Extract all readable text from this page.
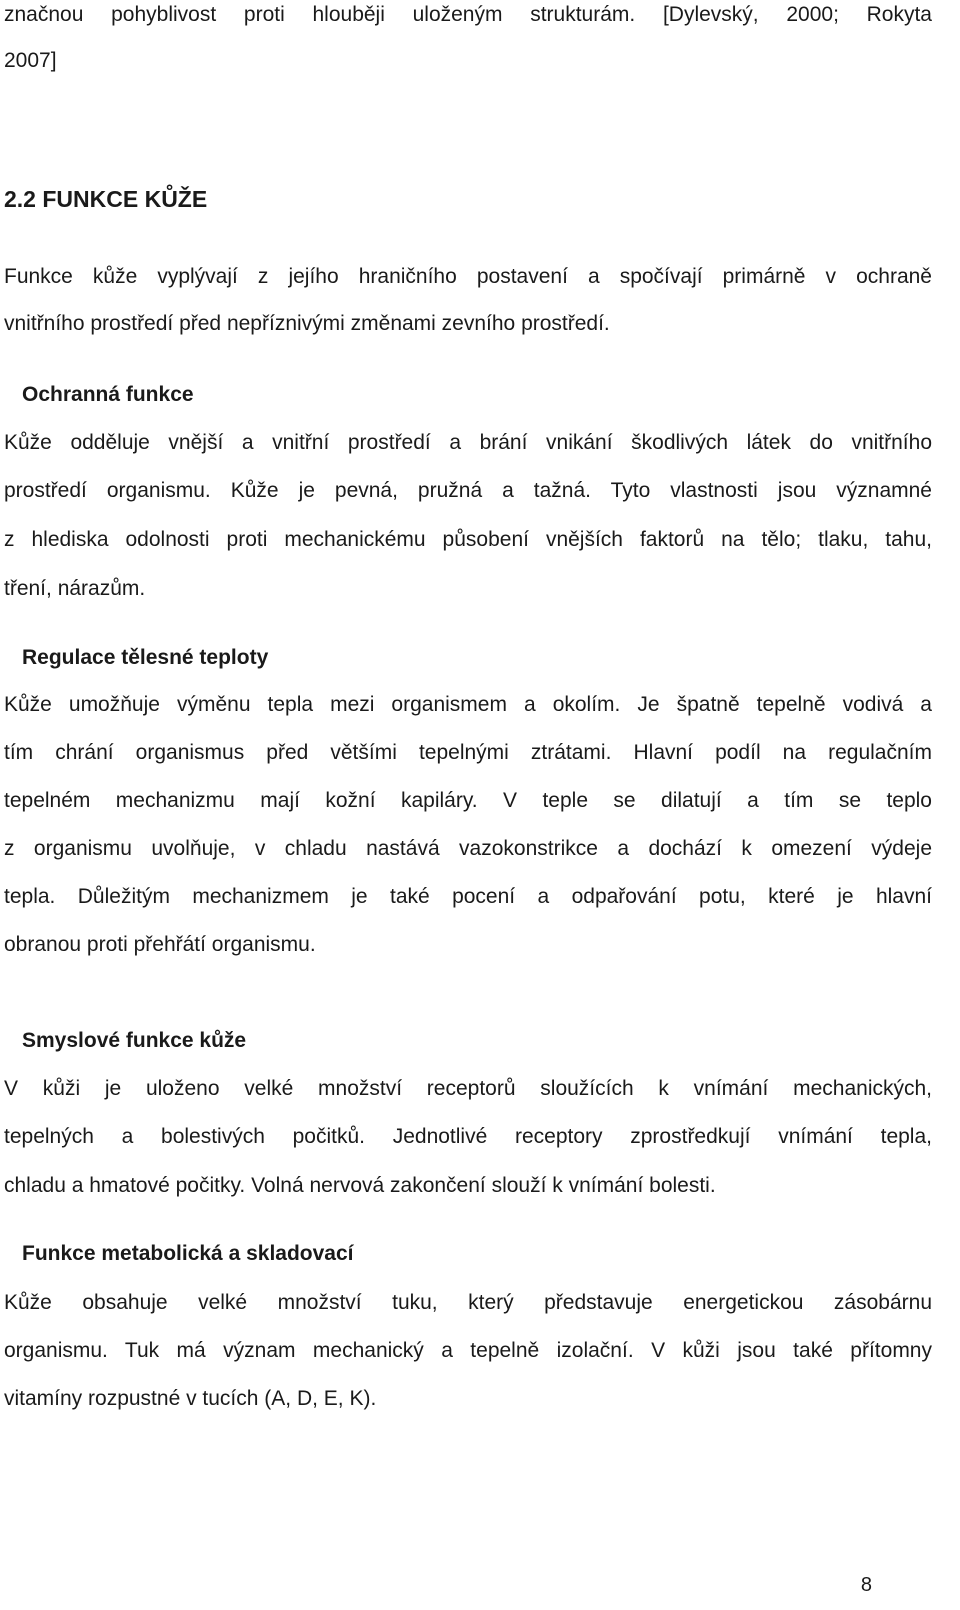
značnou pohyblivost proti hlouběji uloženým strukturám. [Dylevský, 2000; Rokyta

2007]

2.2 FUNKCE KŮŽE

Funkce kůže vyplývají z jejího hraničního postavení a spočívají primárně v ochraně

vnitřního prostředí před nepříznivými změnami zevního prostředí.

Ochranná funkce

Kůže odděluje vnější a vnitřní prostředí a brání vnikání škodlivých látek do vnitřního

prostředí organismu. Kůže je pevná, pružná a tažná. Tyto vlastnosti jsou významné

z hlediska odolnosti proti mechanickému působení vnějších faktorů na tělo; tlaku, tahu,

tření, nárazům.

Regulace tělesné teploty

Kůže umožňuje výměnu tepla mezi organismem a okolím. Je špatně tepelně vodivá a

tím chrání organismus před většími tepelnými ztrátami. Hlavní podíl na regulačním

tepelném mechanizmu mají kožní kapiláry. V teple se dilatují a tím se teplo

z organismu uvolňuje, v chladu nastává vazokonstrikce a dochází k omezení výdeje

tepla. Důležitým mechanizmem je také pocení a odpařování potu, které je hlavní

obranou proti přehřátí organismu.

Smyslové funkce kůže

V kůži je uloženo velké množství receptorů sloužících k vnímání mechanických,

tepelných a bolestivých počitků. Jednotlivé receptory zprostředkují vnímání tepla,

chladu a hmatové počitky. Volná nervová zakončení slouží k vnímání bolesti.

Funkce metabolická a skladovací

Kůže obsahuje velké množství tuku, který představuje energetickou zásobárnu

organismu. Tuk má význam mechanický a tepelně izolační. V kůži jsou také přítomny

vitamíny rozpustné v tucích (A, D, E, K).

8
